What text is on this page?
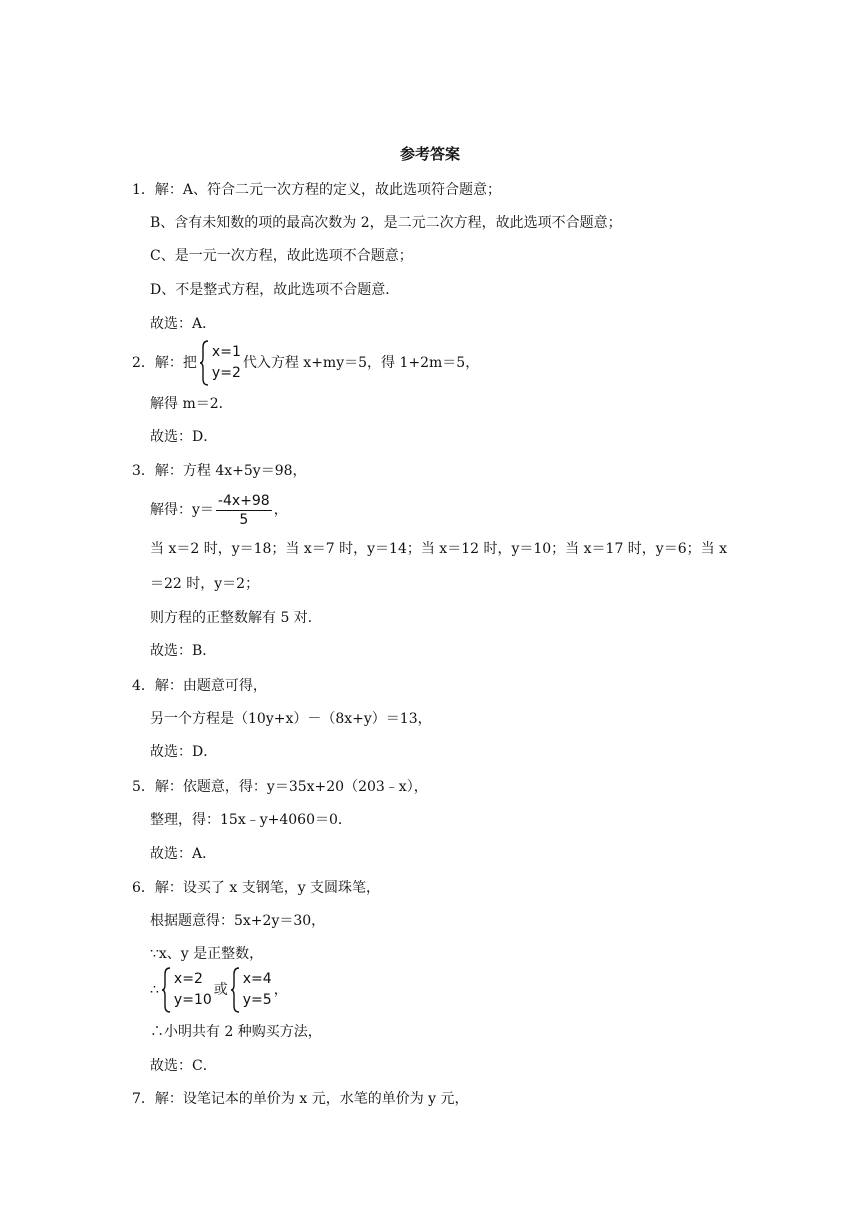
参考答案
1．解：A、符合二元一次方程的定义，故此选项符合题意；
B、含有未知数的项的最高次数为 2，是二元二次方程，故此选项不合题意；
C、是一元一次方程，故此选项不合题意；
D、不是整式方程，故此选项不合题意．
故选：A．
2．解：把
x=1
y=2
代入方程 x+my＝5，得 1+2m＝5，
解得 m＝2．
故选：D．
3．解：方程 4x+5y＝98，
解得：$y= \frac{-4x+98}{5}$ ，
当 x＝2 时，y＝18；当 x＝7 时，y＝14；当 x＝12 时，y＝10；当 x＝17 时，y＝6；当 x
＝22 时，y＝2；
则方程的正整数解有 5 对．
故选：B．
4．解：由题意可得，
另一个方程是（10y+x）－（8x+y）＝13，
故选：D．
5．解：依题意，得：y＝35x+20（203﹣x），
整理，得：15x﹣y+4060＝0．
故选：A．
6．解：设买了 x 支钢笔，y 支圆珠笔，
根据题意得：5x+2y＝30，
∵x、y 是正整数，
∴
x=2
y=10
或
x=4
y=5
，
∴小明共有 2 种购买方法，
故选：C．
7．解：设笔记本的单价为 x 元，水笔的单价为 y 元，
